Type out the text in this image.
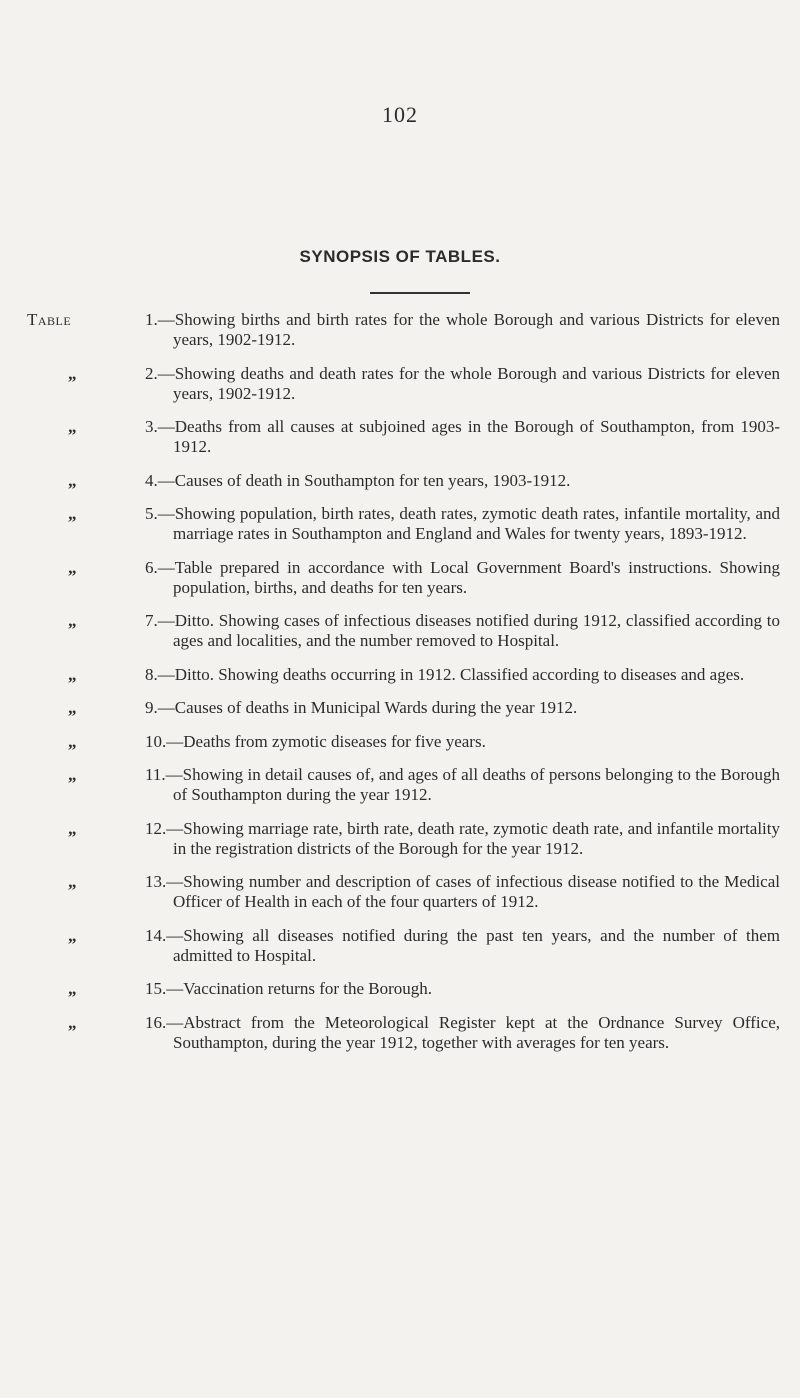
102
SYNOPSIS OF TABLES.
Table	1.—Showing births and birth rates for the whole Borough and various Districts for eleven years, 1902-1912.
„	2.—Showing deaths and death rates for the whole Borough and various Districts for eleven years, 1902-1912.
„	3.—Deaths from all causes at subjoined ages in the Borough of Southampton, from 1903-1912.
„	4.—Causes of death in Southampton for ten years, 1903-1912.
„	5.—Showing population, birth rates, death rates, zymotic death rates, infantile mortality, and marriage rates in Southampton and England and Wales for twenty years, 1893-1912.
„	6.—Table prepared in accordance with Local Government Board's instructions. Showing population, births, and deaths for ten years.
„	7.—Ditto. Showing cases of infectious diseases notified during 1912, classified according to ages and localities, and the number removed to Hospital.
„	8.—Ditto. Showing deaths occurring in 1912. Classified according to diseases and ages.
„	9.—Causes of deaths in Municipal Wards during the year 1912.
„	10.—Deaths from zymotic diseases for five years.
„	11.—Showing in detail causes of, and ages of all deaths of persons belonging to the Borough of Southampton during the year 1912.
„	12.—Showing marriage rate, birth rate, death rate, zymotic death rate, and infantile mortality in the registration districts of the Borough for the year 1912.
„	13.—Showing number and description of cases of infectious disease notified to the Medical Officer of Health in each of the four quarters of 1912.
„	14.—Showing all diseases notified during the past ten years, and the number of them admitted to Hospital.
„	15.—Vaccination returns for the Borough.
„	16.—Abstract from the Meteorological Register kept at the Ordnance Survey Office, Southampton, during the year 1912, together with averages for ten years.
